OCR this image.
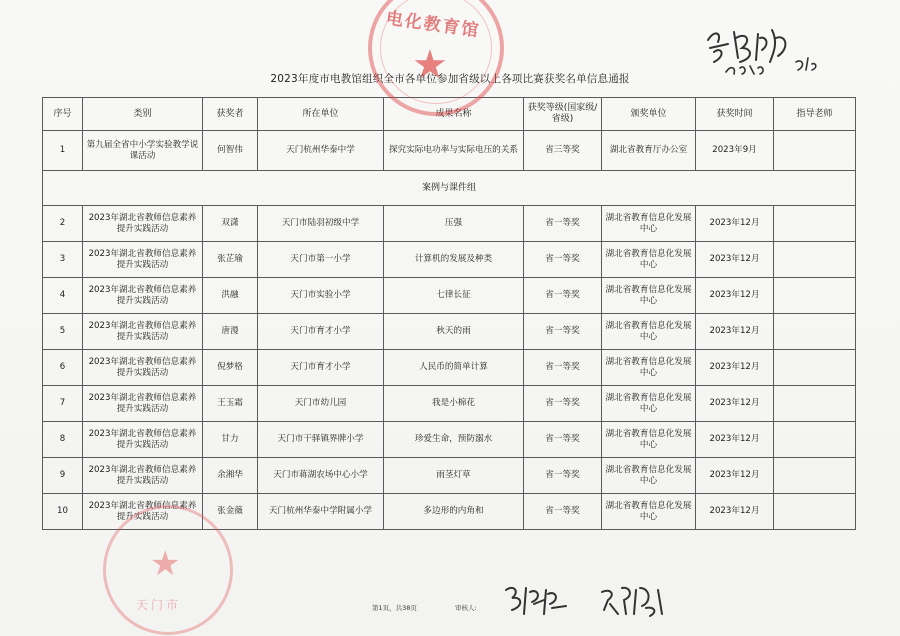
2023年度市电教馆组织全市各单位参加省级以上各项比赛获奖名单信息通报
序号	类别	获奖者	所在单位	成果名称	获奖等级(国家级/省级)	颁奖单位	获奖时间	指导老师
1	第九届全省中小学实验教学说课活动	何智伟	天门杭州华泰中学	探究实际电功率与实际电压的关系	省三等奖	湖北省教育厅办公室	2023年9月	
案例与课件组								
2	2023年湖北省教师信息素养提升实践活动	双潇	天门市陆羽初级中学	压强	省一等奖	湖北省教育信息化发展中心	2023年12月	
3	2023年湖北省教师信息素养提升实践活动	张芷瑜	天门市第一小学	计算机的发展及种类	省一等奖	湖北省教育信息化发展中心	2023年12月	
4	2023年湖北省教师信息素养提升实践活动	洪融	天门市实验小学	七律长征	省一等奖	湖北省教育信息化发展中心	2023年12月	
5	2023年湖北省教师信息素养提升实践活动	唐漫	天门市育才小学	秋天的雨	省一等奖	湖北省教育信息化发展中心	2023年12月	
6	2023年湖北省教师信息素养提升实践活动	倪梦格	天门市育才小学	人民币的简单计算	省一等奖	湖北省教育信息化发展中心	2023年12月	
7	2023年湖北省教师信息素养提升实践活动	王玉霜	天门市幼儿园	我是小棉花	省一等奖	湖北省教育信息化发展中心	2023年12月	
8	2023年湖北省教师信息素养提升实践活动	甘力	天门市干驿镇界牌小学	珍爱生命，预防溺水	省一等奖	湖北省教育信息化发展中心	2023年12月	
9	2023年湖北省教师信息素养提升实践活动	余湘华	天门市蒋湖农场中心小学	雨茎灯草	省一等奖	湖北省教育信息化发展中心	2023年12月	
10	2023年湖北省教师信息素养提升实践活动	张金薇	天门杭州华泰中学附属小学	多边形的内角和	省一等奖	湖北省教育信息化发展中心	2023年12月	
电化教育馆
★
★
天门市	第1页，共38页	审核人:
